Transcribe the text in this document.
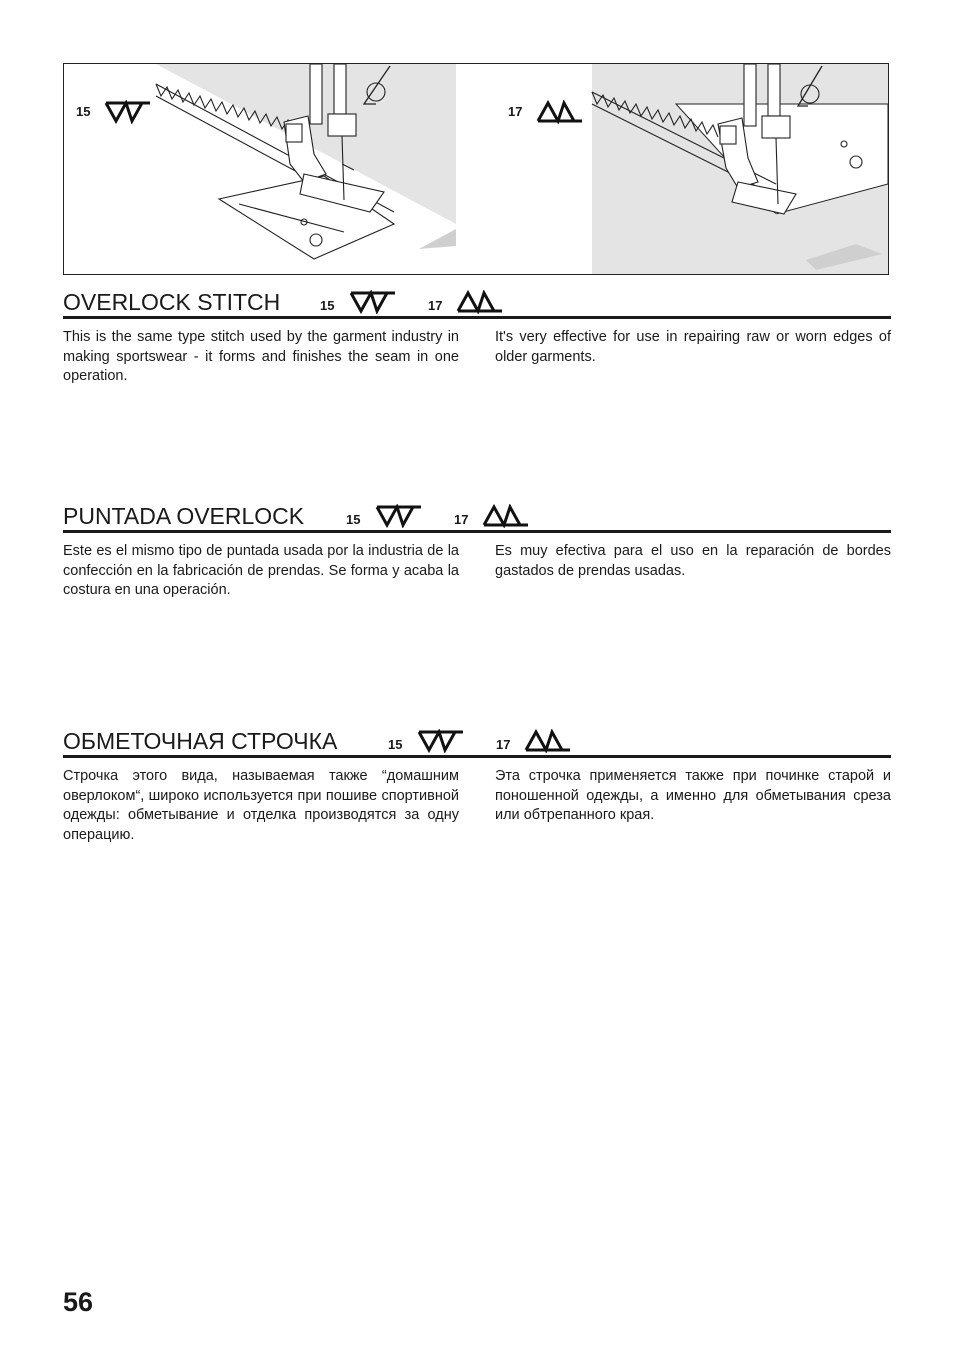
15	17
OVERLOCK STITCH	15	17
This is the same type stitch used by the garment industry in making sportswear - it forms and finishes the seam in one operation.
It's very effective for use in repairing raw or worn edges of older garments.
PUNTADA OVERLOCK	15	17
Este es el mismo tipo de puntada usada por la industria de la confección en la fabricación de prendas. Se forma y acaba la costura en una operación.
Es muy efectiva para el uso en la reparación de bordes gastados de prendas usadas.
ОБМЕТОЧНАЯ СТРОЧКА	15	17
Строчка этого вида, называемая также “домашним оверлоком“, широко используется при пошиве спортивной одежды: обметывание и отделка производятся за одну операцию.
Эта строчка применяется также при починке старой и поношенной одежды, а именно для обметывания среза или обтрепанного края.
56
